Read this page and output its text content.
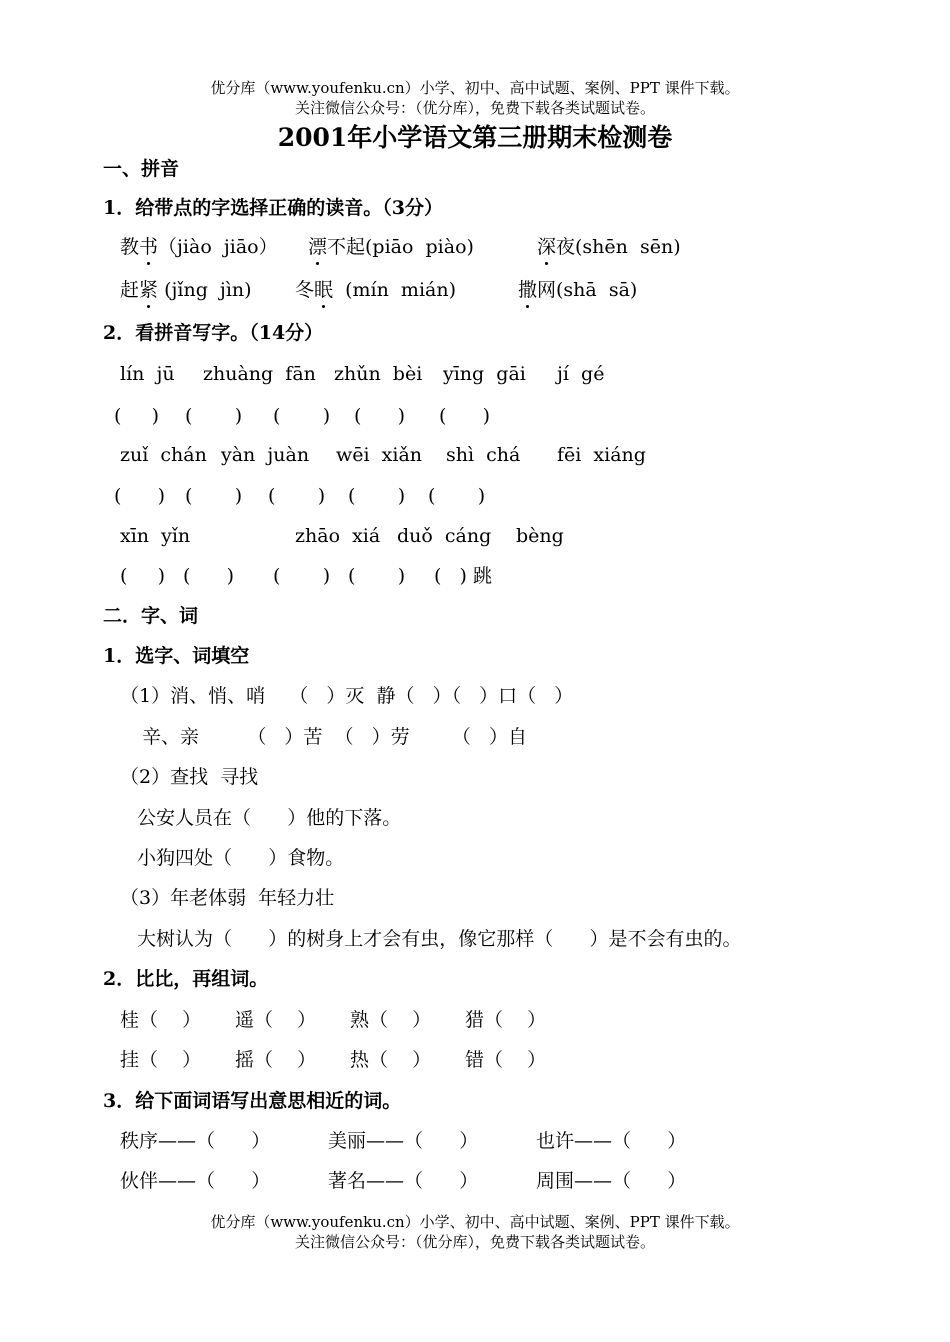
优分库（www.youfenku.cn）小学、初中、高中试题、案例、PPT 课件下载。
关注微信公众号：（优分库），免费下载各类试题试卷。
2001年小学语文第三册期末检测卷
一、拼音
1．给带点的字选择正确的读音。（3分）
教书（jiào  jiāo） 漂不起(piāo  piào)	深夜(shēn  sēn)
赶紧 (jǐng  jìn) 冬眠  (mín  mián)	撒网(shā  sā)
2．看拼音写字。（14分）
lín  jū zhuàng  fān zhǔn  bèi yīng  gāi jí  gé
(     ) (       ) (       ) (      ) (      )
zuǐ  chán yàn  juàn wēi  xiǎn shì  chá fēi  xiáng
(      ) (       ) (       ) (       ) (       )
xīn  yǐn	zhāo  xiá duǒ  cáng bèng
(     ) (      ) (       ) (       ) (   ) 跳
二．字、词
1．选字、词填空
（1）消、悄、哨    （   ）灭  静（   ）（   ）口（   ）
辛、亲        （   ）苦  （   ）劳       （   ）自
（2）查找  寻找
公安人员在（      ）他的下落。
小狗四处（      ）食物。
（3）年老体弱  年轻力壮
大树认为（      ）的树身上才会有虫，像它那样（      ）是不会有虫的。
2．比比，再组词。
桂（    ） 遥（    ） 熟（    ） 猎（    ）
挂（    ） 摇（    ） 热（    ） 错（    ）
3．给下面词语写出意思相近的词。
秩序——（      ）	美丽——（      ）	也许——（      ）
伙伴——（      ）	著名——（      ）	周围——（      ）
优分库（www.youfenku.cn）小学、初中、高中试题、案例、PPT 课件下载。
关注微信公众号：（优分库），免费下载各类试题试卷。
